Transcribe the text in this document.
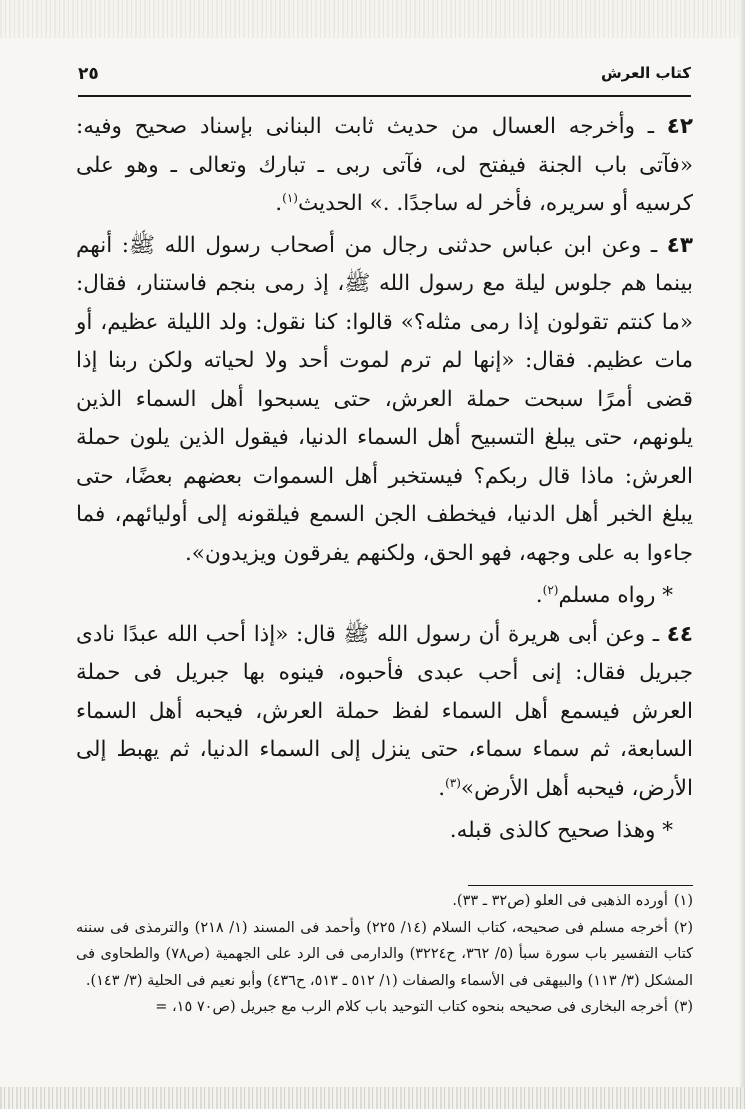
كتاب العرش
٢٥

٤٢ ـ وأخرجه العسال من حديث ثابت البنانى بإسناد صحيح وفيه: «فآتى باب الجنة فيفتح لى، فآتى ربى ـ تبارك وتعالى ـ وهو على كرسيه أو سريره، فأخر له ساجدًا. .» الحديث$^{(١)}$.

٤٣ ـ وعن ابن عباس حدثنى رجال من أصحاب رسول الله ﷺ: أنهم بينما هم جلوس ليلة مع رسول الله ﷺ، إذ رمى بنجم فاستنار، فقال: «ما كنتم تقولون إذا رمى مثله؟» قالوا: كنا نقول: ولد الليلة عظيم، أو مات عظيم. فقال: «إنها لم ترم لموت أحد ولا لحياته ولكن ربنا إذا قضى أمرًا سبحت حملة العرش، حتى يسبحوا أهل السماء الذين يلونهم، حتى يبلغ التسبيح أهل السماء الدنيا، فيقول الذين يلون حملة العرش: ماذا قال ربكم؟ فيستخبر أهل السموات بعضهم بعضًا، حتى يبلغ الخبر أهل الدنيا، فيخطف الجن السمع فيلقونه إلى أوليائهم، فما جاءوا به على وجهه، فهو الحق، ولكنهم يفرقون ويزيدون».

* رواه مسلم$^{(٢)}$.

٤٤ ـ وعن أبى هريرة أن رسول الله ﷺ قال: «إذا أحب الله عبدًا نادى جبريل فقال: إنى أحب عبدى فأحبوه، فينوه بها جبريل فى حملة العرش فيسمع أهل السماء لفظ حملة العرش، فيحبه أهل السماء السابعة، ثم سماء سماء، حتى ينزل إلى السماء الدنيا، ثم يهبط إلى الأرض، فيحبه أهل الأرض»$^{(٣)}$.

* وهذا صحيح كالذى قبله.

(١)أورده الذهبى فى العلو (ص٣٢ ـ ٣٣).

(٢)أخرجه مسلم فى صحيحه، كتاب السلام (١٤/ ٢٢٥) وأحمد فى المسند (١/ ٢١٨) والترمذى فى سننه كتاب التفسير باب سورة سبأ (٥/ ٣٦٢، ح٣٢٢٤) والدارمى فى الرد على الجهمية (ص٧٨) والطحاوى فى المشكل (٣/ ١١٣) والبيهقى فى الأسماء والصفات (١/ ٥١٢ ـ ٥١٣، ح٤٣٦) وأبو نعيم فى الحلية (٣/ ١٤٣).

(٣)أخرجه البخارى فى صحيحه بنحوه كتاب التوحيد باب كلام الرب مع جبريل (ص٧٠ ١٥، =
